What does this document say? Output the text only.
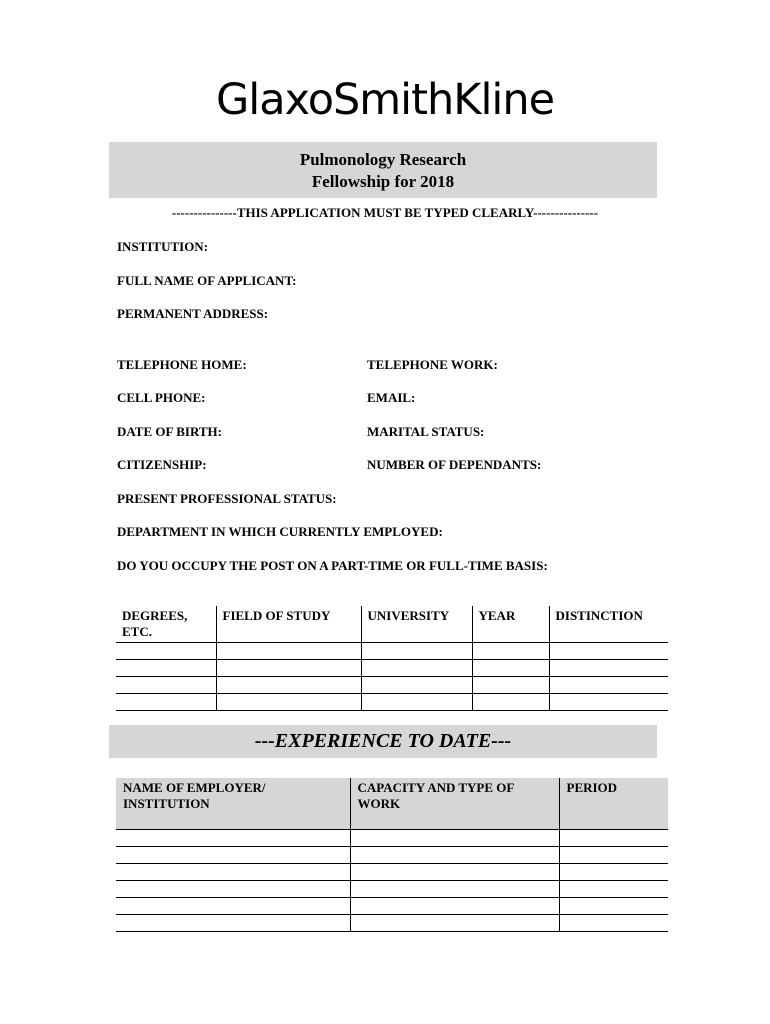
GlaxoSmithKline
Pulmonology Research
Fellowship for 2018
---------------THIS APPLICATION MUST BE TYPED CLEARLY---------------
INSTITUTION:
FULL NAME OF APPLICANT:
PERMANENT ADDRESS:
TELEPHONE HOME:	TELEPHONE WORK:
CELL PHONE:	EMAIL:
DATE OF BIRTH:	MARITAL STATUS:
CITIZENSHIP:	NUMBER OF DEPENDANTS:
PRESENT PROFESSIONAL STATUS:
DEPARTMENT IN WHICH CURRENTLY EMPLOYED:
DO YOU OCCUPY THE POST ON A PART-TIME OR FULL-TIME BASIS:
DEGREES, ETC.	FIELD OF STUDY	UNIVERSITY	YEAR	DISTINCTION

---EXPERIENCE TO DATE---
NAME OF EMPLOYER/ INSTITUTION	CAPACITY AND TYPE OF WORK	PERIOD
